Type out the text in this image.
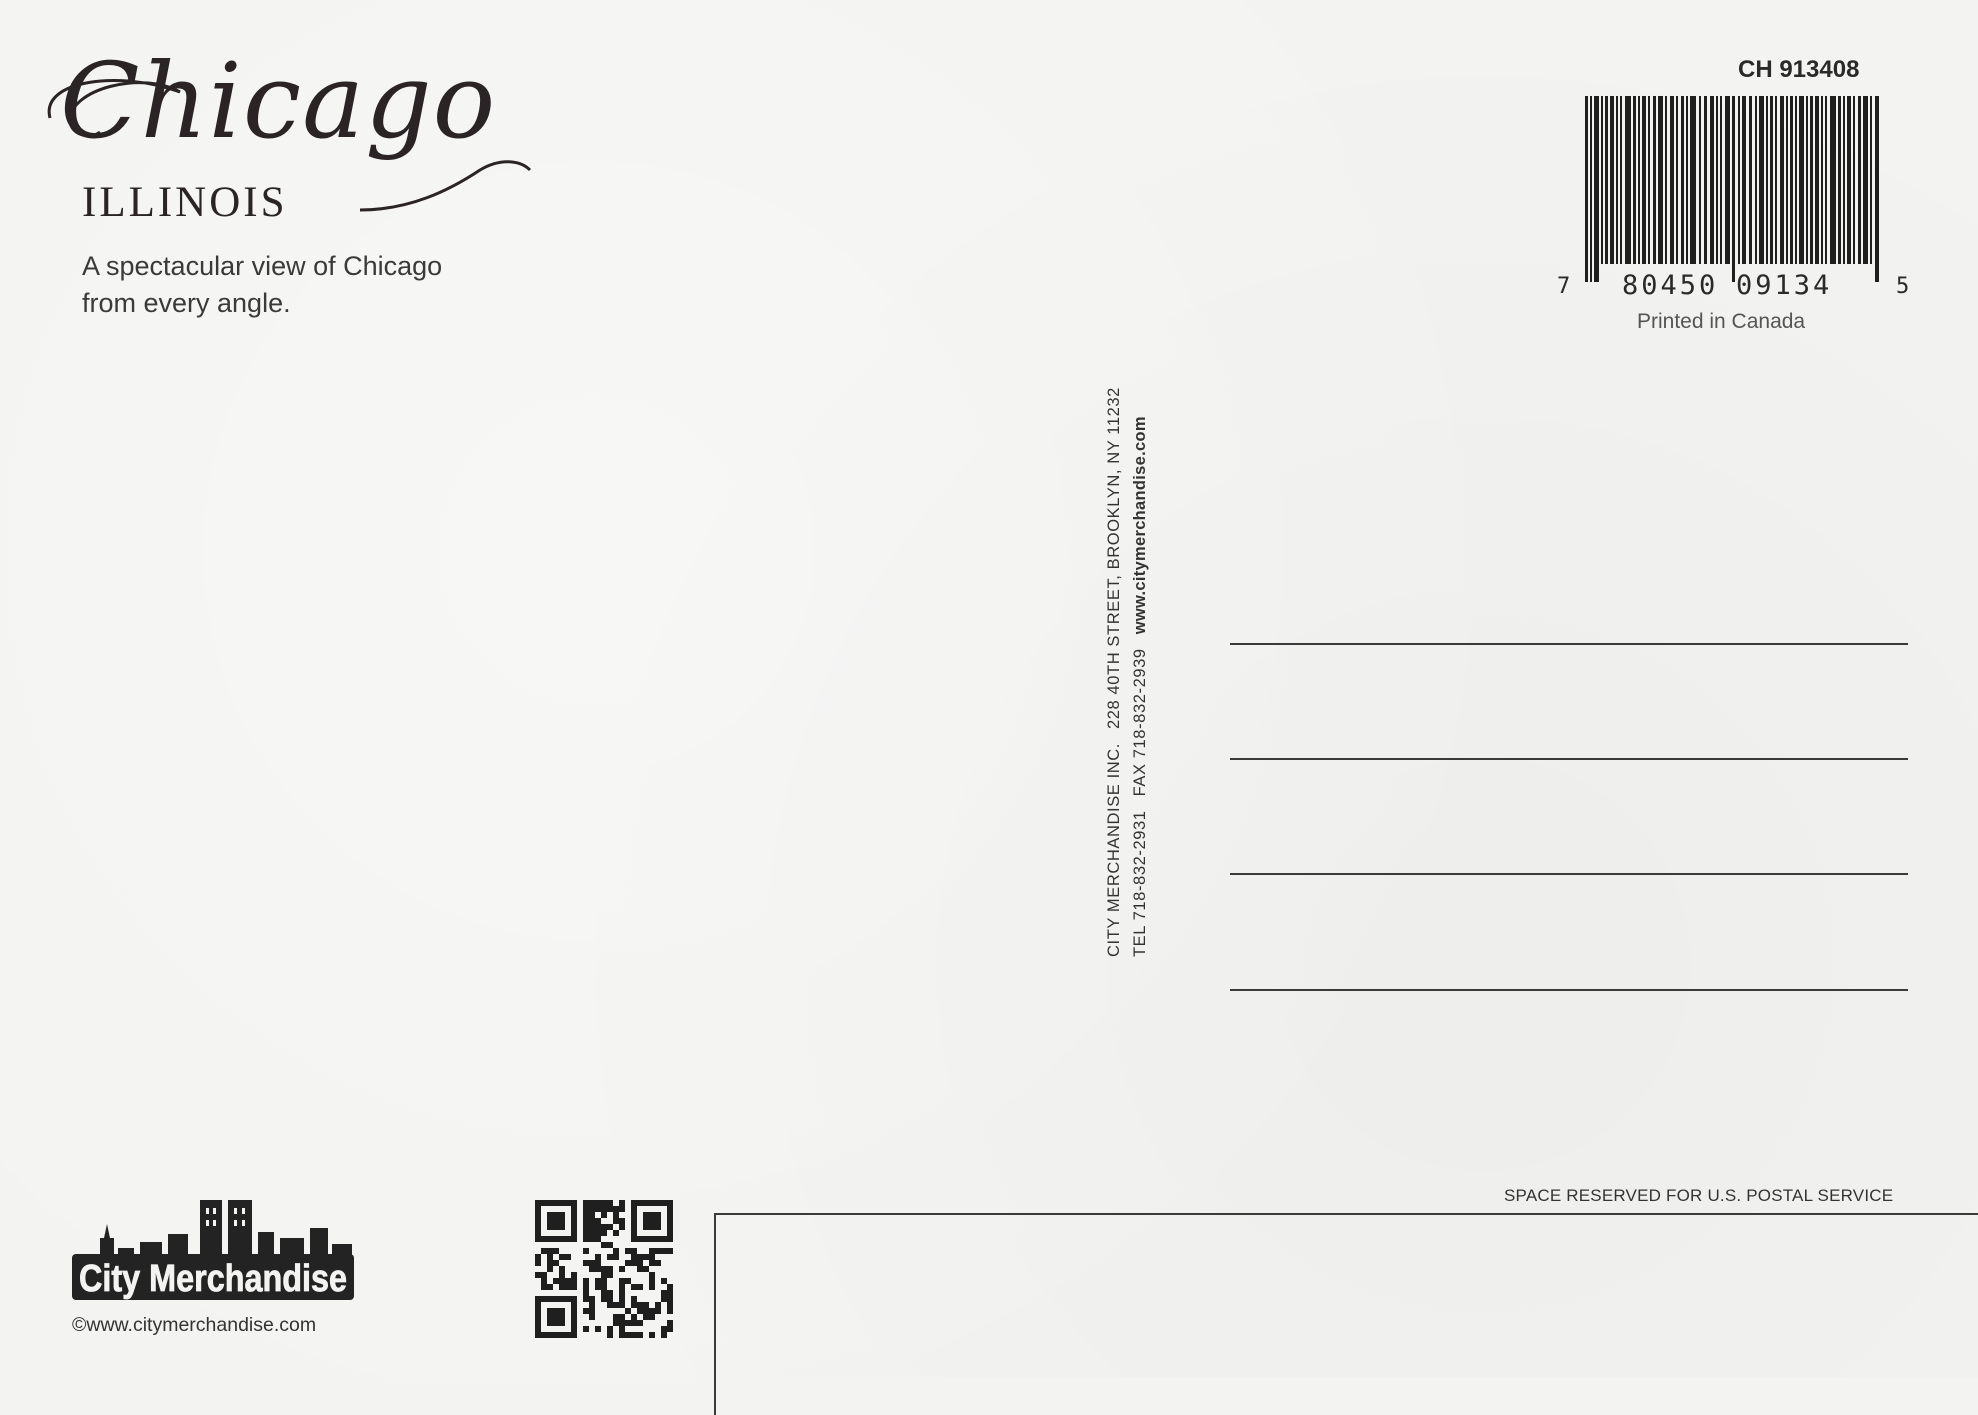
Chicago
ILLINOIS
A spectacular view of Chicago
from every angle.
CH 913408
7 80450 09134	5
Printed in Canada
CITY MERCHANDISE INC.228 40TH STREET, BROOKLYN, NY 11232
TEL 718-832-2931FAX 718-832-2939www.citymerchandise.com
SPACE RESERVED FOR U.S. POSTAL SERVICE
City Merchandise
©www.citymerchandise.com
